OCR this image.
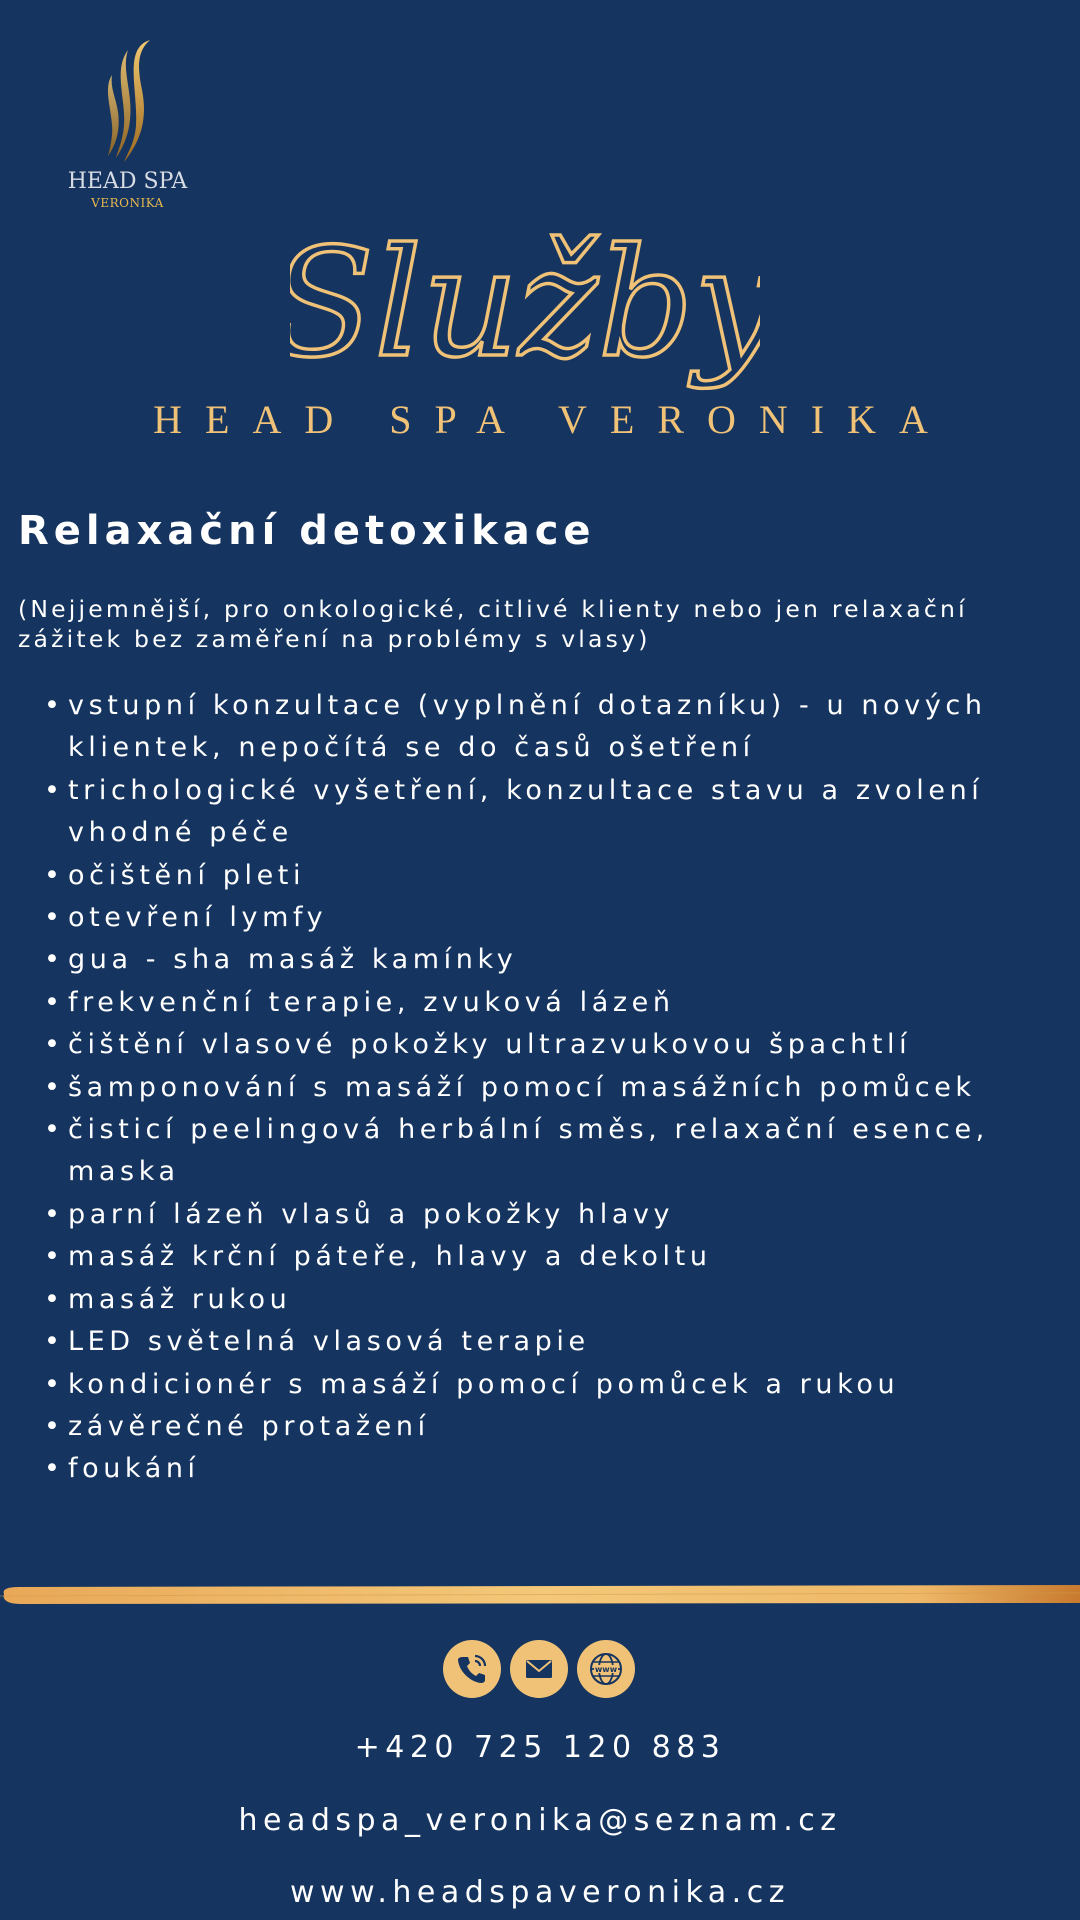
HEAD SPA
VERONIKA
Služby
HEAD SPA VERONIKA
Relaxační detoxikace
(Nejjemnější, pro onkologické, citlivé klienty nebo jen relaxační zážitek bez zaměření na problémy s vlasy)
• vstupní konzultace (vyplnění dotazníku) - u nových klientek, nepočítá se do časů ošetření
• trichologické vyšetření, konzultace stavu a zvolení vhodné péče
• očištění pleti
• otevření lymfy
• gua - sha masáž kamínky
• frekvenční terapie, zvuková lázeň
• čištění vlasové pokožky ultrazvukovou špachtlí
• šamponování s masáží pomocí masážních pomůcek
• čisticí peelingová herbální směs, relaxační esence, maska
• parní lázeň vlasů a pokožky hlavy
• masáž krční páteře, hlavy a dekoltu
• masáž rukou
• LED světelná vlasová terapie
• kondicionér s masáží pomocí pomůcek a rukou
• závěrečné protažení
• foukání
www
+420 725 120 883
headspa_veronika@seznam.cz
www.headspaveronika.cz
